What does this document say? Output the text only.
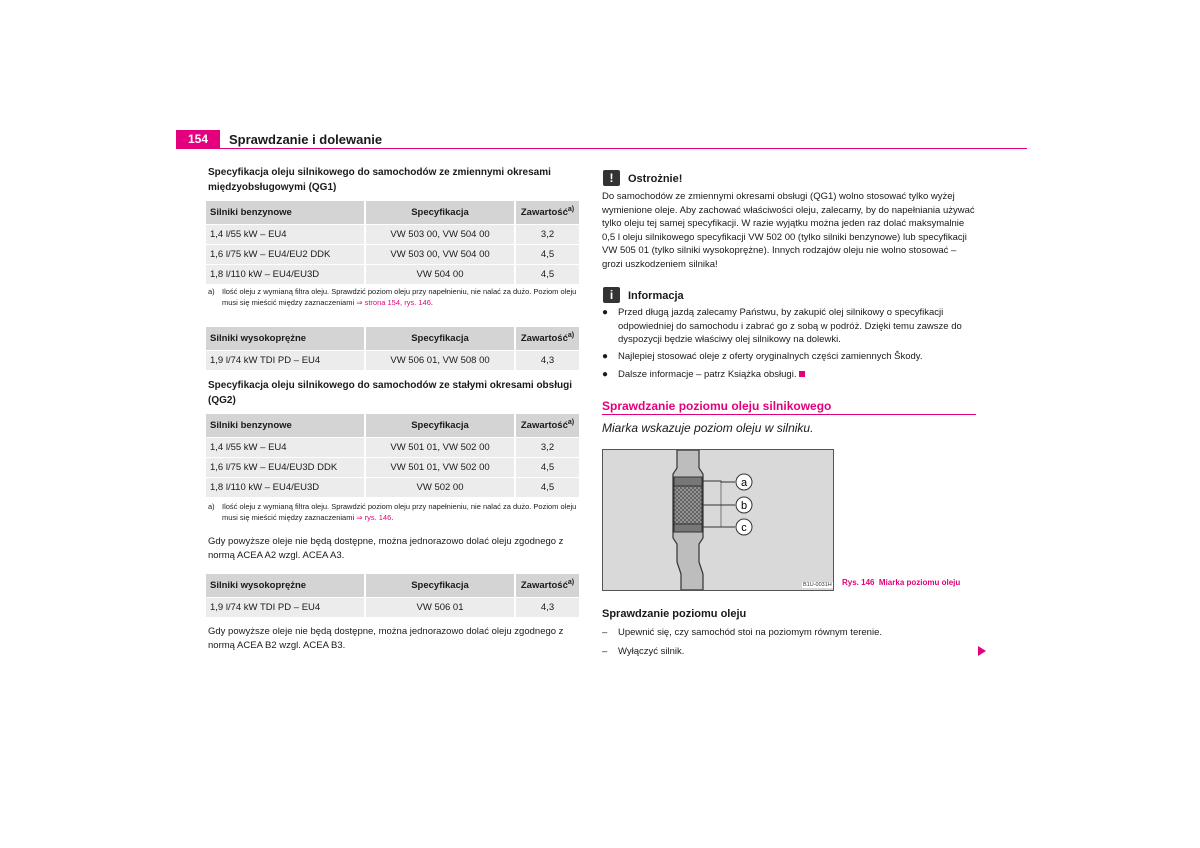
154	Sprawdzanie i dolewanie
Specyfikacja oleju silnikowego do samochodów ze zmiennymi okresami międzyobsługowymi (QG1)
Silniki benzynowe	Specyfikacja	Zawartość$^{a)}$
1,4 l/55 kW – EU4	VW 503 00, VW 504 00	3,2
1,6 l/75 kW – EU4/EU2 DDK	VW 503 00, VW 504 00	4,5
1,8 l/110 kW – EU4/EU3D	VW 504 00	4,5
a) Ilość oleju z wymianą filtra oleju. Sprawdzić poziom oleju przy napełnieniu, nie nalać za dużo. Poziom oleju musi się mieścić między zaznaczeniami ⇒ strona 154, rys. 146.
Silniki wysokoprężne	Specyfikacja	Zawartość$^{a)}$
1,9 l/74 kW TDI PD – EU4	VW 506 01, VW 508 00	4,3
Specyfikacja oleju silnikowego do samochodów ze stałymi okresami obsługi (QG2)
Silniki benzynowe	Specyfikacja	Zawartość$^{a)}$
1,4 l/55 kW – EU4	VW 501 01, VW 502 00	3,2
1,6 l/75 kW – EU4/EU3D DDK	VW 501 01, VW 502 00	4,5
1,8 l/110 kW – EU4/EU3D	VW 502 00	4,5
a) Ilość oleju z wymianą filtra oleju. Sprawdzić poziom oleju przy napełnieniu, nie nalać za dużo. Poziom oleju musi się mieścić między zaznaczeniami ⇒ rys. 146.
Gdy powyższe oleje nie będą dostępne, można jednorazowo dolać oleju zgodnego z normą ACEA A2 wzgl. ACEA A3.
Silniki wysokoprężne	Specyfikacja	Zawartość$^{a)}$
1,9 l/74 kW TDI PD – EU4	VW 506 01	4,3
Gdy powyższe oleje nie będą dostępne, można jednorazowo dolać oleju zgodnego z normą ACEA B2 wzgl. ACEA B3.
!	Ostrożnie!
Do samochodów ze zmiennymi okresami obsługi (QG1) wolno stosować tylko wyżej wymienione oleje. Aby zachować właściwości oleju, zalecamy, by do napełniania używać tylko oleju tej samej specyfikacji. W razie wyjątku można jeden raz dolać maksymalnie 0,5 l oleju silnikowego specyfikacji VW 502 00 (tylko silniki benzynowe) lub specyfikacji VW 505 01 (tylko silniki wysokoprężne). Innych rodzajów oleju nie wolno stosować – grozi uszkodzeniem silnika!
i	Informacja
● Przed długą jazdą zalecamy Państwu, by zakupić olej silnikowy o specyfikacji odpowiedniej do samochodu i zabrać go z sobą w podróż. Dzięki temu zawsze do dyspozycji będzie właściwy olej silnikowy na dolewki.
● Najlepiej stosować oleje z oferty oryginalnych części zamiennych Škody.
● Dalsze informacje – patrz Książka obsługi.
Sprawdzanie poziomu oleju silnikowego
Miarka wskazuje poziom oleju w silniku.
a
b
c
B1U-0031H Rys. 146 Miarka poziomu oleju
Sprawdzanie poziomu oleju
– Upewnić się, czy samochód stoi na poziomym równym terenie.
– Wyłączyć silnik.
